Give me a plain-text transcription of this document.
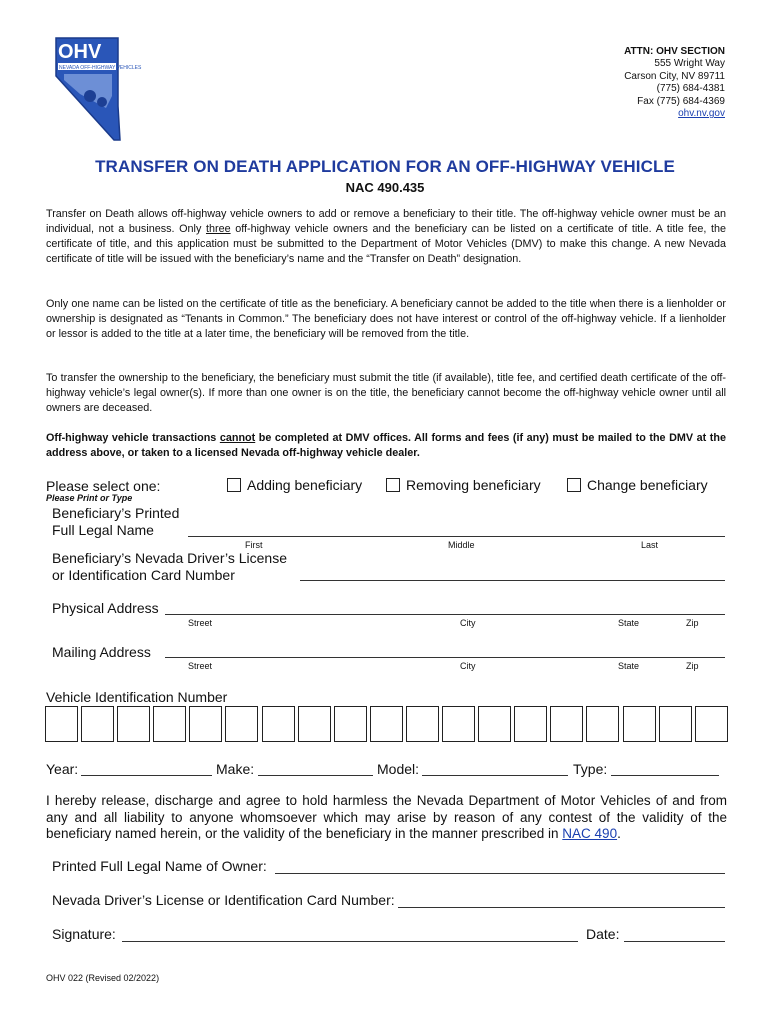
OHV
NEVADA OFF-HIGHWAY VEHICLES
ATTN: OHV SECTION
555 Wright Way
Carson City, NV 89711
(775) 684-4381
Fax (775) 684-4369
ohv.nv.gov
TRANSFER ON DEATH APPLICATION FOR AN OFF-HIGHWAY VEHICLE
NAC 490.435
Transfer on Death allows off-highway vehicle owners to add or remove a beneficiary to their title. The off-highway vehicle owner must be an individual, not a business. Only three off-highway vehicle owners and the beneficiary can be listed on a certificate of title. A title fee, the certificate of title, and this application must be submitted to the Department of Motor Vehicles (DMV) to make this change. A new Nevada certificate of title will be issued with the beneficiary’s name and the “Transfer on Death” designation.
Only one name can be listed on the certificate of title as the beneficiary. A beneficiary cannot be added to the title when there is a lienholder or ownership is designated as “Tenants in Common.” The beneficiary does not have interest or control of the off-highway vehicle. If a lienholder or lessor is added to the title at a later time, the beneficiary will be removed from the title.
To transfer the ownership to the beneficiary, the beneficiary must submit the title (if available), title fee, and certified death certificate of the off-highway vehicle’s legal owner(s). If more than one owner is on the title, the beneficiary cannot become the off-highway vehicle owner until all owners are deceased.
Off-highway vehicle transactions cannot be completed at DMV offices. All forms and fees (if any) must be mailed to the DMV at the address above, or taken to a licensed Nevada off-highway vehicle dealer.
Please select one:	Adding beneficiary	Removing beneficiary	Change beneficiary
Please Print or Type
Beneficiary’s Printed
Full Legal Name
First	Middle	Last
Beneficiary’s Nevada Driver’s License
or Identification Card Number
Physical Address
Street	City	State	Zip
Mailing Address
Street	City	State	Zip
Vehicle Identification Number
Year:	Make:	Model:	Type:
I hereby release, discharge and agree to hold harmless the Nevada Department of Motor Vehicles of and from any and all liability to anyone whomsoever which may arise by reason of any contest of the validity of the beneficiary named herein, or the validity of the beneficiary in the manner prescribed in NAC 490.
Printed Full Legal Name of Owner:
Nevada Driver’s License or Identification Card Number:
Signature:	Date:
OHV 022 (Revised 02/2022)
